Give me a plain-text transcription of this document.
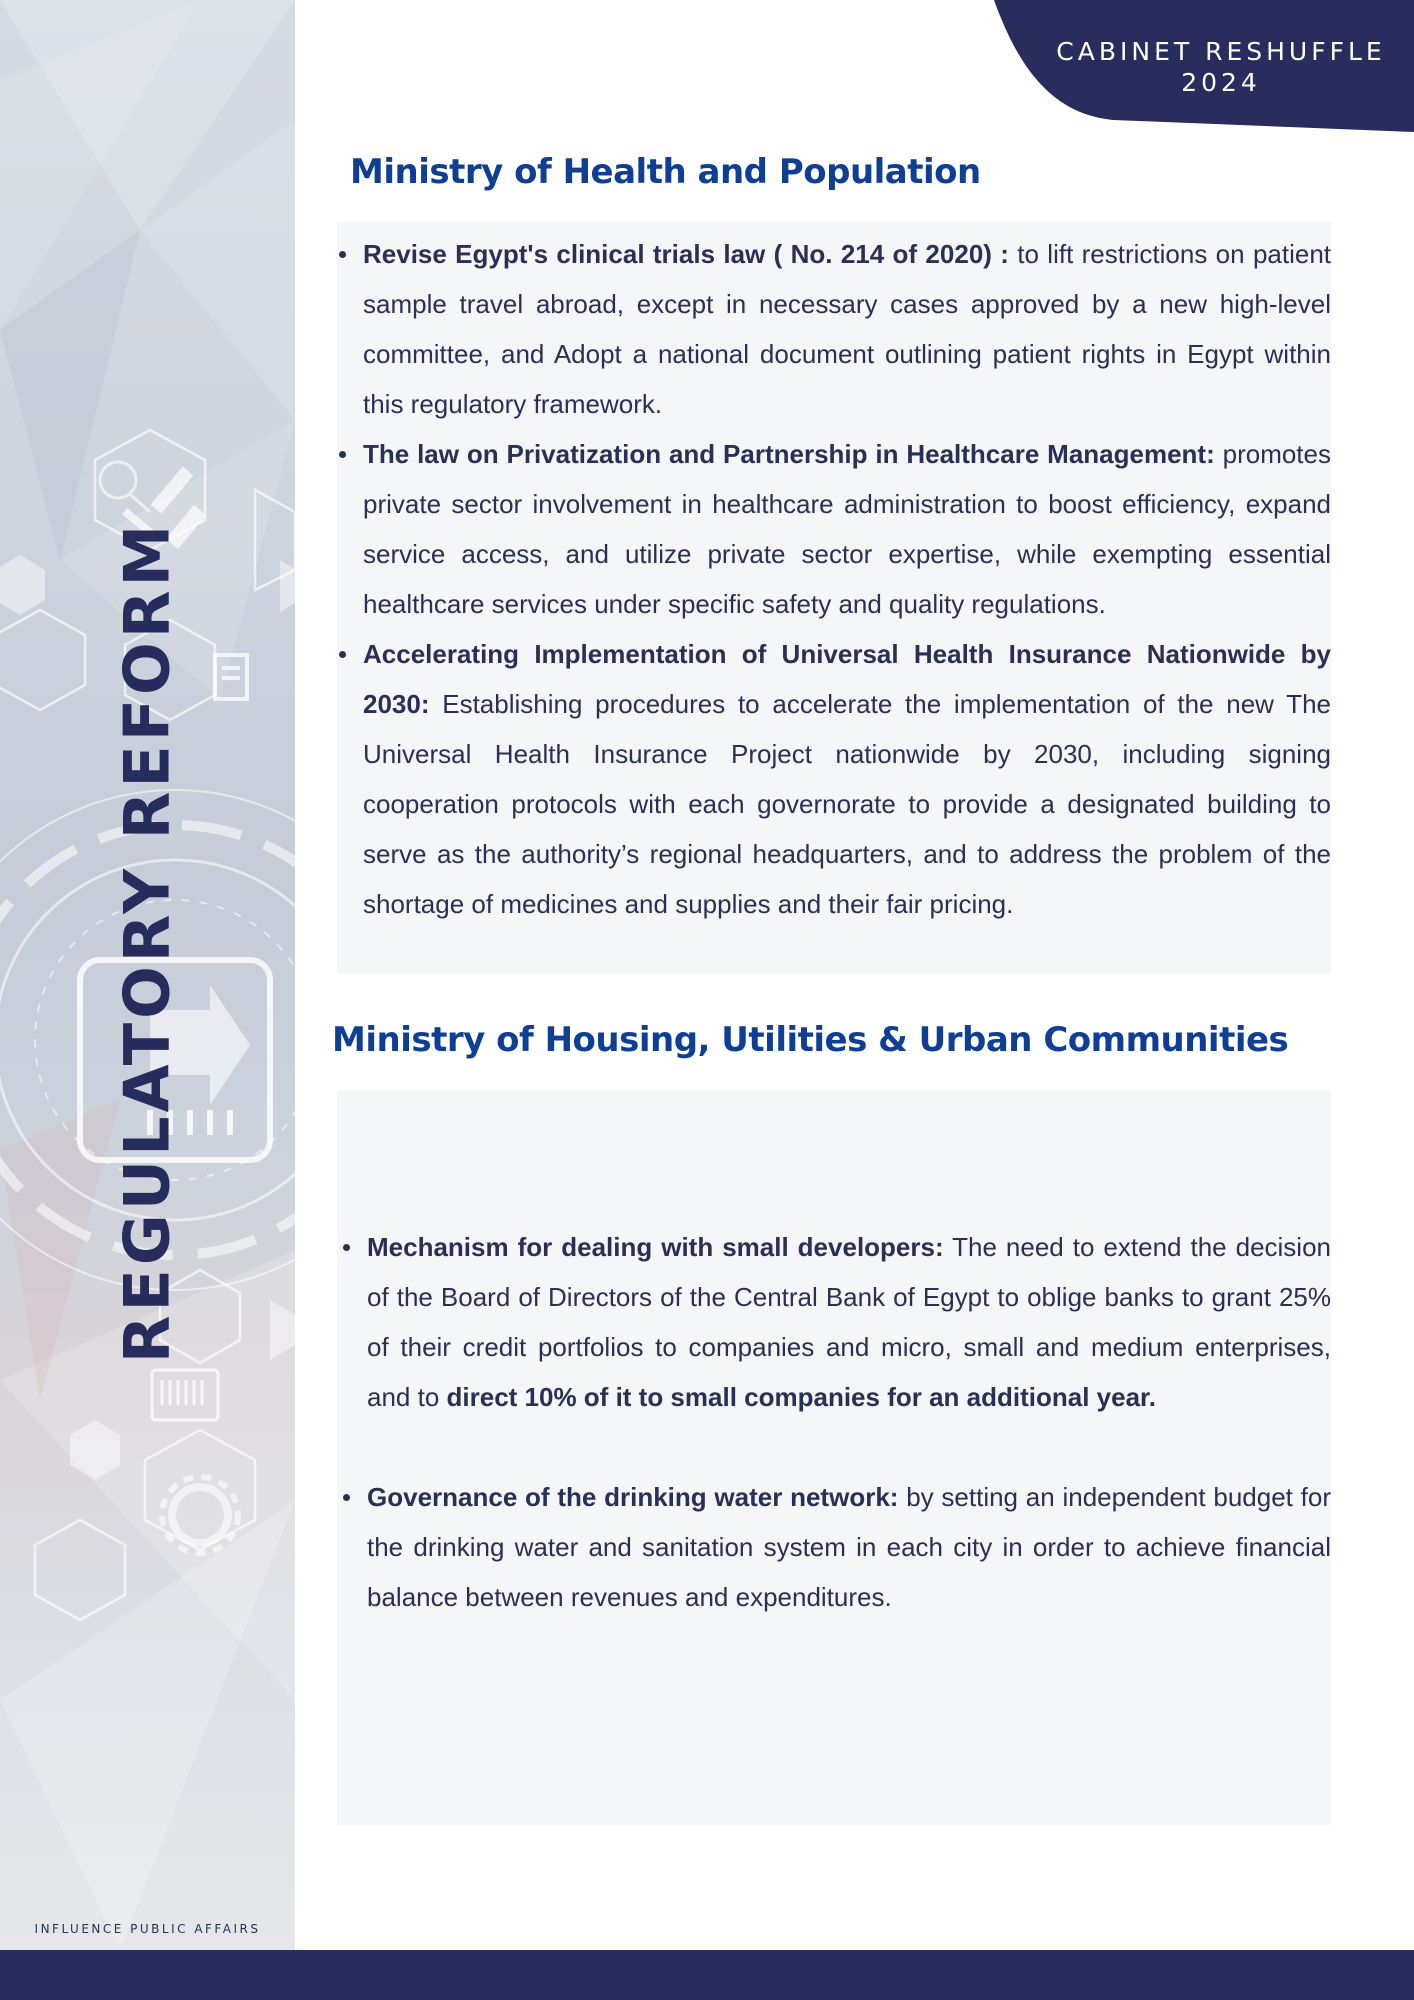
REGULATORY REFORM
INFLUENCE PUBLIC AFFAIRS
CABINET RESHUFFLE
2024
Ministry of Health and Population
Revise Egypt's clinical trials law ( No. 214 of 2020) : to lift restrictions on patient sample travel abroad, except in necessary cases approved by a new high-level committee, and Adopt a national document outlining patient rights in Egypt within this regulatory framework.
The law on Privatization and Partnership in Healthcare Management: promotes private sector involvement in healthcare administration to boost efficiency, expand service access, and utilize private sector expertise, while exempting essential healthcare services under specific safety and quality regulations.
Accelerating Implementation of Universal Health Insurance Nationwide by 2030: Establishing procedures to accelerate the implementation of the new The Universal Health Insurance Project nationwide by 2030, including signing cooperation protocols with each governorate to provide a designated building to serve as the authority’s regional headquarters, and to address the problem of the shortage of medicines and supplies and their fair pricing.
Ministry of Housing, Utilities & Urban Communities
Mechanism for dealing with small developers: The need to extend the decision of the Board of Directors of the Central Bank of Egypt to oblige banks to grant 25% of their credit portfolios to companies and micro, small and medium enterprises, and to direct 10% of it to small companies for an additional year.
Governance of the drinking water network: by setting an independent budget for the drinking water and sanitation system in each city in order to achieve financial balance between revenues and expenditures.
